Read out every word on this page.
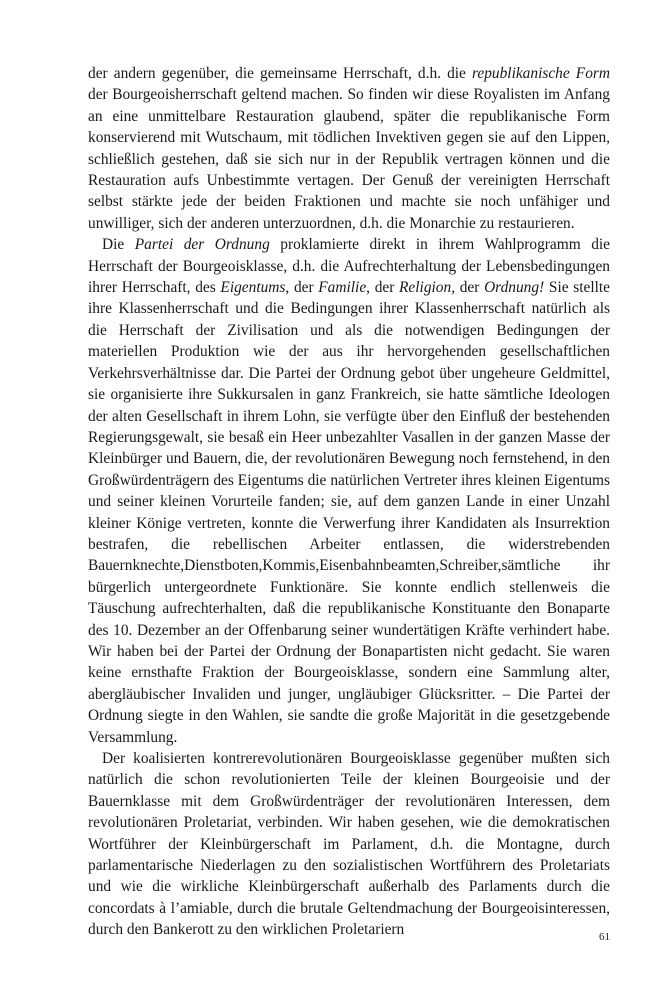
der andern gegenüber, die gemeinsame Herrschaft, d.h. die republikanische Form der Bourgeoisherrschaft geltend machen. So finden wir diese Royalisten im Anfang an eine unmittelbare Restauration glaubend, später die republikanische Form konservierend mit Wutschaum, mit tödlichen Invektiven gegen sie auf den Lippen, schließlich gestehen, daß sie sich nur in der Republik vertragen können und die Restauration aufs Unbestimmte vertagen. Der Genuß der vereinigten Herrschaft selbst stärkte jede der beiden Fraktionen und machte sie noch unfähiger und unwilliger, sich der anderen unterzuordnen, d.h. die Monarchie zu restaurieren.

Die Partei der Ordnung proklamierte direkt in ihrem Wahlprogramm die Herrschaft der Bourgeoisklasse, d.h. die Aufrechterhaltung der Lebensbedingungen ihrer Herrschaft, des Eigentums, der Familie, der Religion, der Ordnung! Sie stellte ihre Klassenherrschaft und die Bedingungen ihrer Klassenherrschaft natürlich als die Herrschaft der Zivilisation und als die notwendigen Bedingungen der materiellen Produktion wie der aus ihr hervorgehenden gesellschaftlichen Verkehrsverhältnisse dar. Die Partei der Ordnung gebot über ungeheure Geldmittel, sie organisierte ihre Sukkursalen in ganz Frankreich, sie hatte sämtliche Ideologen der alten Gesellschaft in ihrem Lohn, sie verfügte über den Einfluß der bestehenden Regierungsgewalt, sie besaß ein Heer unbezahlter Vasallen in der ganzen Masse der Kleinbürger und Bauern, die, der revolutionären Bewegung noch fernstehend, in den Großwürdenträgern des Eigentums die natürlichen Vertreter ihres kleinen Eigentums und seiner kleinen Vorurteile fanden; sie, auf dem ganzen Lande in einer Unzahl kleiner Könige vertreten, konnte die Verwerfung ihrer Kandidaten als Insurrektion bestrafen, die rebellischen Arbeiter entlassen, die widerstrebenden Bauernknechte,Dienstboten,Kommis,Eisenbahnbeamten,Schreiber,sämtliche ihr bürgerlich untergeordnete Funktionäre. Sie konnte endlich stellenweis die Täuschung aufrechterhalten, daß die republikanische Konstituante den Bonaparte des 10. Dezember an der Offenbarung seiner wundertätigen Kräfte verhindert habe. Wir haben bei der Partei der Ordnung der Bonapartisten nicht gedacht. Sie waren keine ernsthafte Fraktion der Bourgeoisklasse, sondern eine Sammlung alter, abergläubischer Invaliden und junger, ungläubiger Glücksritter. – Die Partei der Ordnung siegte in den Wahlen, sie sandte die große Majorität in die gesetzgebende Versammlung.

Der koalisierten kontrerevolutionären Bourgeoisklasse gegenüber mußten sich natürlich die schon revolutionierten Teile der kleinen Bourgeoisie und der Bauernklasse mit dem Großwürdenträger der revolutionären Interessen, dem revolutionären Proletariat, verbinden. Wir haben gesehen, wie die demokratischen Wortführer der Kleinbürgerschaft im Parlament, d.h. die Montagne, durch parlamentarische Niederlagen zu den sozialistischen Wortführern des Proletariats und wie die wirkliche Kleinbürgerschaft außerhalb des Parlaments durch die concordats à l’amiable, durch die brutale Geltendmachung der Bourgeoisinteressen, durch den Bankerott zu den wirklichen Proletariern	61
